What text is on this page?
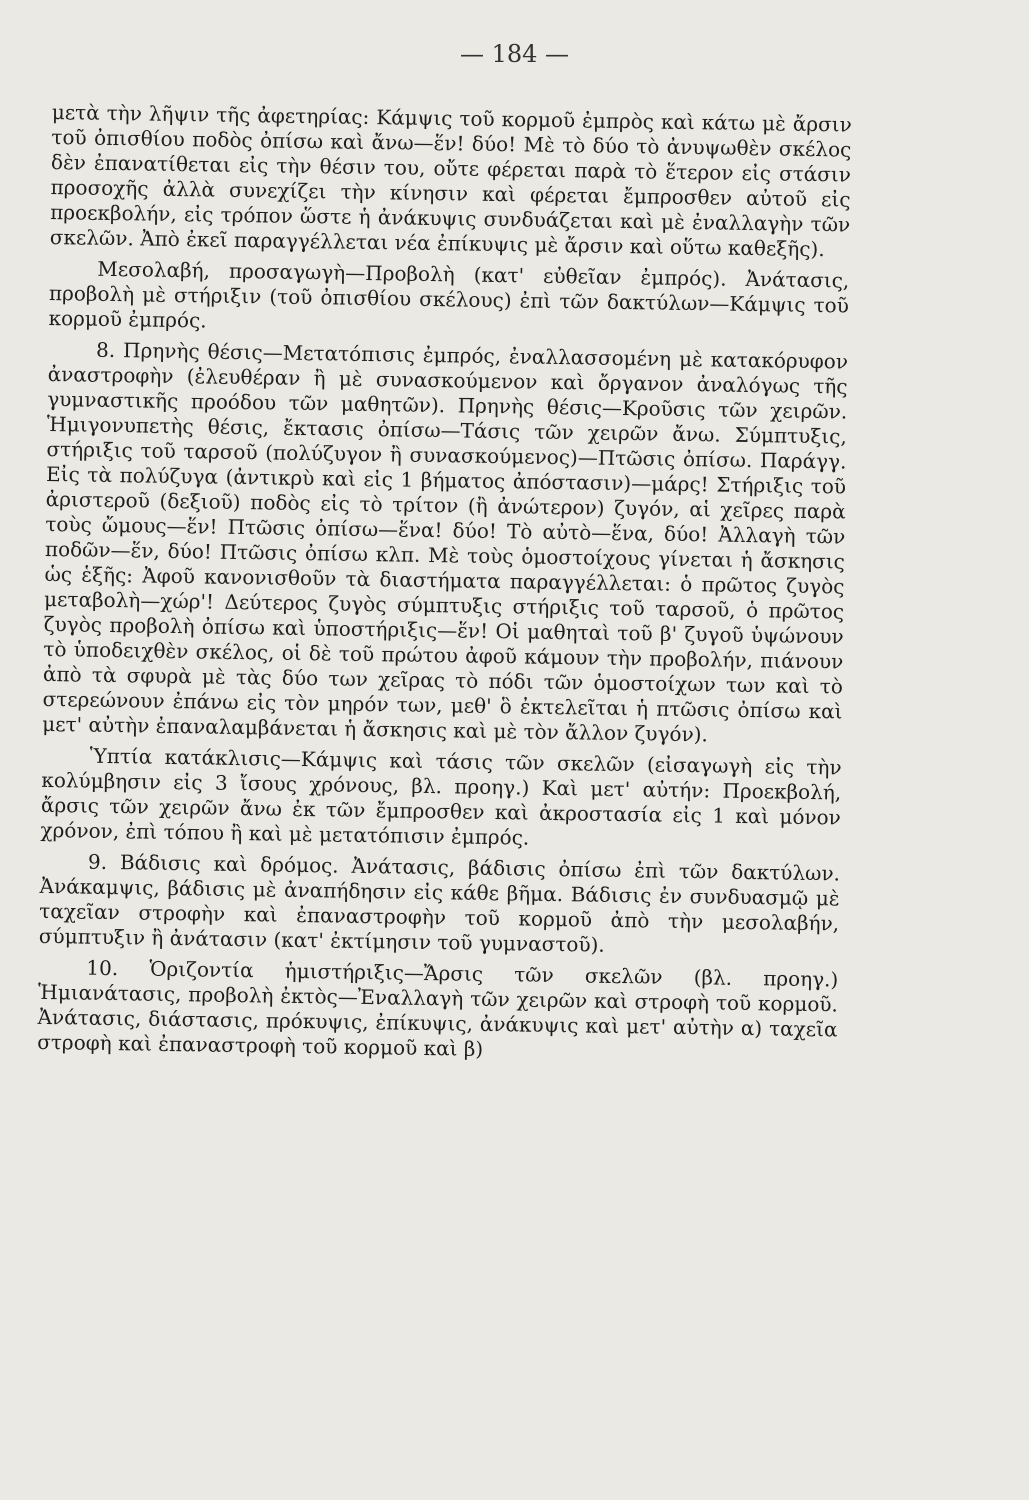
— 184 —

μετὰ τὴν λῆψιν τῆς ἀφετηρίας: Κάμψις τοῦ κορμοῦ ἐμπρὸς καὶ κάτω μὲ ἄρσιν τοῦ ὀπισθίου ποδὸς ὀπίσω καὶ ἄνω—ἕν! δύο! Μὲ τὸ δύο τὸ ἀνυψωθὲν σκέλος δὲν ἐπανατίθεται εἰς τὴν θέσιν του, οὔτε φέρεται παρὰ τὸ ἕτερον εἰς στάσιν προσοχῆς ἀλλὰ συνεχίζει τὴν κίνησιν καὶ φέρεται ἔμπροσθεν αὐτοῦ εἰς προεκβολήν, εἰς τρόπον ὥστε ἡ ἀνάκυψις συνδυάζεται καὶ μὲ ἐναλλαγὴν τῶν σκελῶν. Ἀπὸ ἐκεῖ παραγγέλλεται νέα ἐπίκυψις μὲ ἄρσιν καὶ οὕτω καθεξῆς).

Μεσολαβή, προσαγωγὴ—Προβολὴ (κατ' εὐθεῖαν ἐμπρός). Ἀνάτασις, προβολὴ μὲ στήριξιν (τοῦ ὀπισθίου σκέλους) ἐπὶ τῶν δακτύλων—Κάμψις τοῦ κορμοῦ ἐμπρός.

8. Πρηνὴς θέσις—Μετατόπισις ἐμπρός, ἐναλλασσομένη μὲ κατακόρυφον ἀναστροφὴν (ἐλευθέραν ἢ μὲ συνασκούμενον καὶ ὄργανον ἀναλόγως τῆς γυμναστικῆς προόδου τῶν μαθητῶν). Πρηνὴς θέσις—Κροῦσις τῶν χειρῶν. Ἡμιγονυπετὴς θέσις, ἔκτασις ὀπίσω—Τάσις τῶν χειρῶν ἄνω. Σύμπτυξις, στήριξις τοῦ ταρσοῦ (πολύζυγον ἢ συνασκούμενος)—Πτῶσις ὀπίσω. Παράγγ. Εἰς τὰ πολύζυγα (ἀντικρὺ καὶ εἰς 1 βήματος ἀπόστασιν)—μάρς! Στήριξις τοῦ ἀριστεροῦ (δεξιοῦ) ποδὸς εἰς τὸ τρίτον (ἢ ἀνώτερον) ζυγόν, αἱ χεῖρες παρὰ τοὺς ὤμους—ἕν! Πτῶσις ὀπίσω—ἕνα! δύο! Τὸ αὐτὸ—ἕνα, δύο! Ἀλλαγὴ τῶν ποδῶν—ἕν, δύο! Πτῶσις ὀπίσω κλπ. Μὲ τοὺς ὁμοστοίχους γίνεται ἡ ἄσκησις ὡς ἑξῆς: Ἀφοῦ κανονισθοῦν τὰ διαστήματα παραγγέλλεται: ὁ πρῶτος ζυγὸς μεταβολὴ—χώρ'! Δεύτερος ζυγὸς σύμπτυξις στήριξις τοῦ ταρσοῦ, ὁ πρῶτος ζυγὸς προβολὴ ὀπίσω καὶ ὑποστήριξις—ἕν! Οἱ μαθηταὶ τοῦ β' ζυγοῦ ὑψώνουν τὸ ὑποδειχθὲν σκέλος, οἱ δὲ τοῦ πρώτου ἀφοῦ κάμουν τὴν προβολήν, πιάνουν ἀπὸ τὰ σφυρὰ μὲ τὰς δύο των χεῖρας τὸ πόδι τῶν ὁμοστοίχων των καὶ τὸ στερεώνουν ἐπάνω εἰς τὸν μηρόν των, μεθ' ὃ ἐκτελεῖται ἡ πτῶσις ὀπίσω καὶ μετ' αὐτὴν ἐπαναλαμβάνεται ἡ ἄσκησις καὶ μὲ τὸν ἄλλον ζυγόν).

Ὑπτία κατάκλισις—Κάμψις καὶ τάσις τῶν σκελῶν (εἰσαγωγὴ εἰς τὴν κολύμβησιν εἰς 3 ἴσους χρόνους, βλ. προηγ.) Καὶ μετ' αὐτήν: Προεκβολή, ἄρσις τῶν χειρῶν ἄνω ἐκ τῶν ἔμπροσθεν καὶ ἀκροστασία εἰς 1 καὶ μόνον χρόνον, ἐπὶ τόπου ἢ καὶ μὲ μετατόπισιν ἐμπρός.

9. Βάδισις καὶ δρόμος. Ἀνάτασις, βάδισις ὀπίσω ἐπὶ τῶν δακτύλων. Ἀνάκαμψις, βάδισις μὲ ἀναπήδησιν εἰς κάθε βῆμα. Βάδισις ἐν συνδυασμῷ μὲ ταχεῖαν στροφὴν καὶ ἐπαναστροφὴν τοῦ κορμοῦ ἀπὸ τὴν μεσολαβήν, σύμπτυξιν ἢ ἀνάτασιν (κατ' ἐκτίμησιν τοῦ γυμναστοῦ).

10. Ὁριζοντία ἡμιστήριξις—Ἄρσις τῶν σκελῶν (βλ. προηγ.) Ἡμιανάτασις, προβολὴ ἐκτὸς—Ἐναλλαγὴ τῶν χειρῶν καὶ στροφὴ τοῦ κορμοῦ. Ἀνάτασις, διάστασις, πρόκυψις, ἐπίκυψις, ἀνάκυψις καὶ μετ' αὐτὴν α) ταχεῖα στροφὴ καὶ ἐπαναστροφὴ τοῦ κορμοῦ καὶ β)
